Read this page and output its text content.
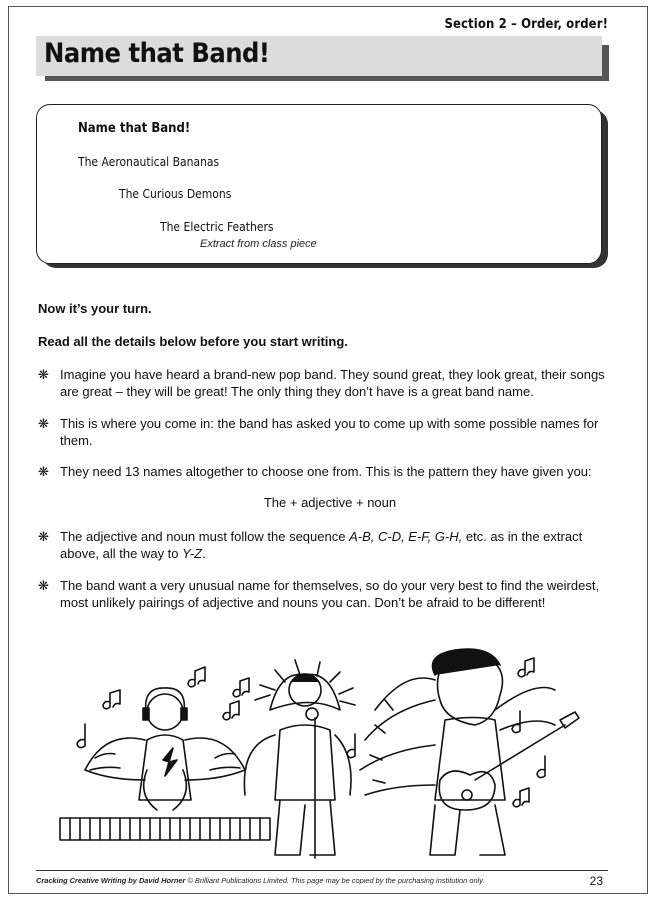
Section 2 – Order, order!
Name that Band!
Name that Band!
The Aeronautical Bananas
The Curious Demons
The Electric Feathers
Extract from class piece
Now it’s your turn.
Read all the details below before you start writing.
❋ Imagine you have heard a brand-new pop band. They sound great, they look great, their songs are great – they will be great! The only thing they don’t have is a great band name.
❋ This is where you come in: the band has asked you to come up with some possible names for them.
❋ They need 13 names altogether to choose one from. This is the pattern they have given you:
The + adjective + noun
❋ The adjective and noun must follow the sequence A-B, C-D, E-F, G-H, etc. as in the extract above, all the way to Y-Z.
❋ The band want a very unusual name for themselves, so do your very best to find the weirdest, most unlikely pairings of adjective and nouns you can. Don’t be afraid to be different!
Cracking Creative Writing by David Horner © Brilliant Publications Limited. This page may be copied by the purchasing institution only.	23
